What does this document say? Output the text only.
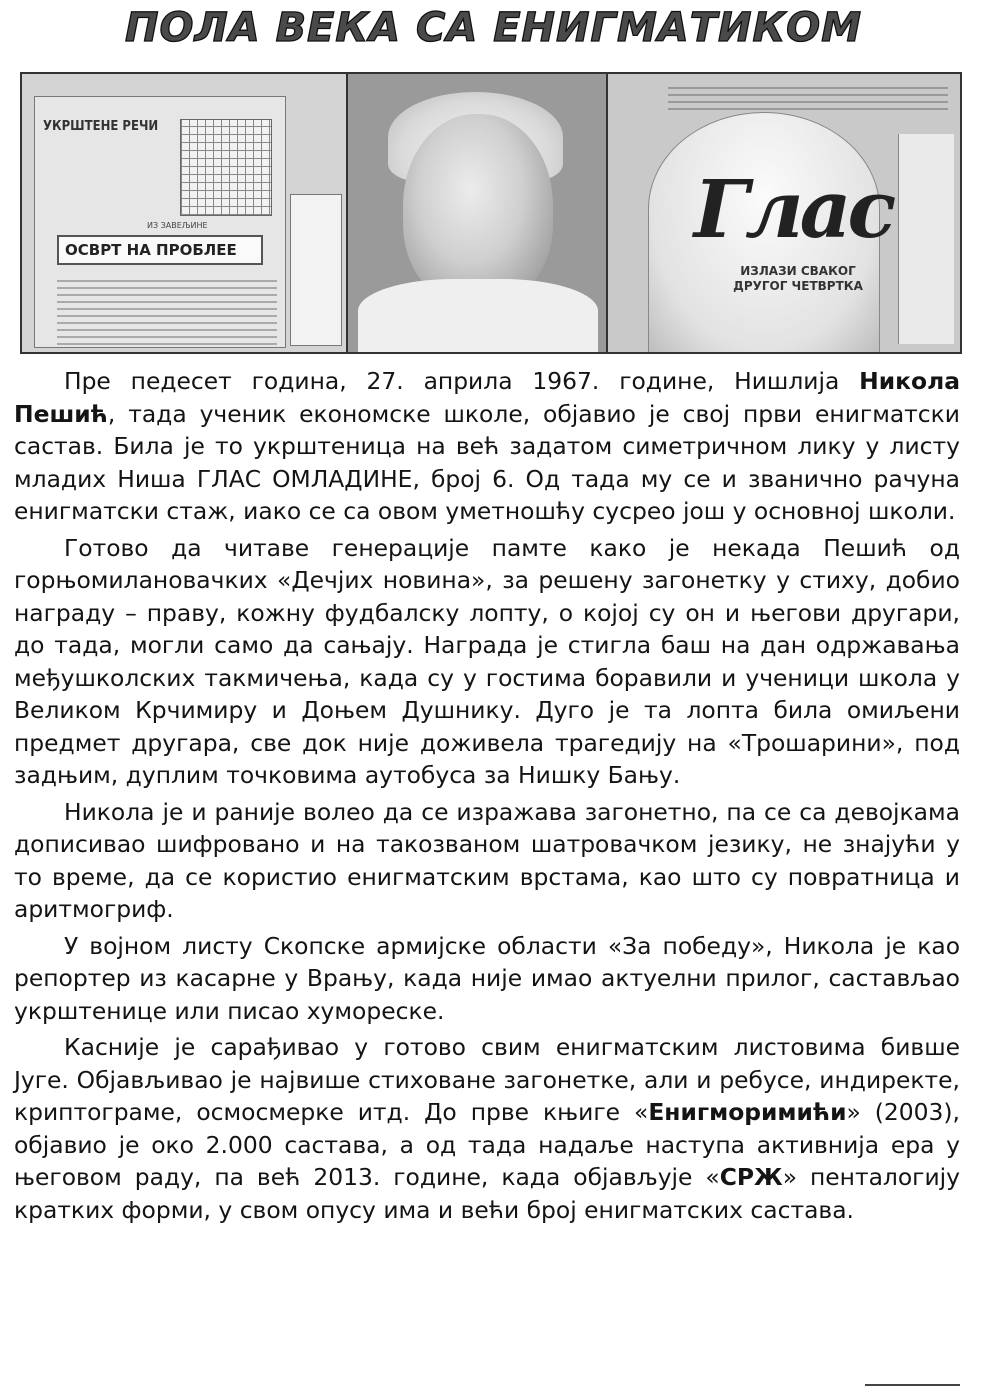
ПОЛА ВЕКА СА ЕНИГМАТИКОМ
УКРШТЕНЕ РЕЧИ
ИЗ ЗАВЕЉИНЕ
ОСВРТ НА ПРОБЛЕЕ	Глас
ИЗЛАЗИ СВАКОГ
ДРУГОГ ЧЕТВРТКА

Пре педесет година, 27. априла 1967. године, Нишлија Никола Пешић, тада ученик економске школе, објавио је свој први енигматски састав. Била је то укрштеница на већ задатом симетричном лику у листу младих Ниша ГЛАС ОМЛАДИНЕ, број 6. Од тада му се и званично рачуна енигматски стаж, иако се са овом уметношћу сусрео још у основној школи.

Готово да читаве генерације памте како је некада Пешић од горњомилановачких «Дечјих новина», за решену загонетку у стиху, добио награду – праву, кожну фудбалску лопту, о којој су он и његови другари, до тада, могли само да сањају. Награда је стигла баш на дан одржавања међушколских такмичења, када су у гостима боравили и ученици школа у Великом Крчимиру и Доњем Душнику. Дуго је та лопта била омиљени предмет другара, све док није доживела трагедију на «Трошарини», под задњим, дуплим точковима аутобуса за Нишку Бању.

Никола је и раније волео да се изражава загонетно, па се са девојкама дописивао шифровано и на такозваном шатровачком језику, не знајући у то време, да се користио енигматским врстама, као што су повратница и аритмогриф.

У војном листу Скопске армијске области «За победу», Никола је као репортер из касарне у Врању, када није имао актуелни прилог, састављао укрштенице или писао хумореске.

Касније је сарађивао у готово свим енигматским листовима бивше Југе. Објављивао је највише стиховане загонетке, али и ребусе, индиректе, криптограме, осмосмерке итд. До прве књиге «Енигморимићи» (2003), објавио је око 2.000 састава, а од тада надаље наступа активнија ера у његовом раду, па већ 2013. године, када објављује «СРЖ» пенталогију кратких форми, у свом опусу има и већи број енигматских састава.
